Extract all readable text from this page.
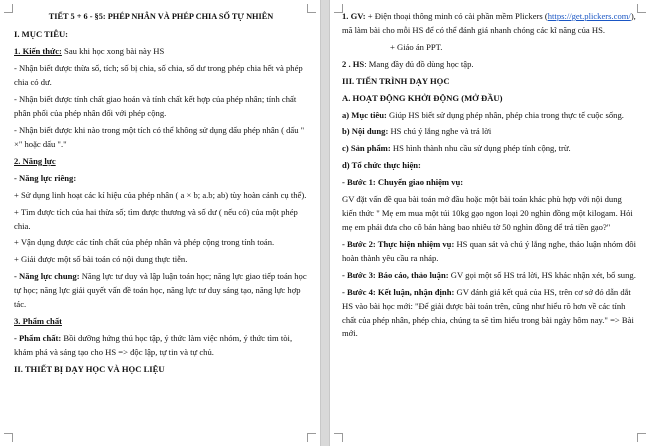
TIẾT 5 + 6 - §5: PHÉP NHÂN VÀ PHÉP CHIA SỐ TỰ NHIÊN

I. MỤC TIÊU:

1. Kiến thức: Sau khi học xong bài này HS

- Nhận biết được thừa số, tích; số bị chia, số chia, số dư trong phép chia hết và phép chia có dư.

- Nhận biết được tính chất giao hoán và tính chất kết hợp của phép nhân; tính chất phân phối của phép nhân đối với phép cộng.

- Nhận biết được khi nào trong một tích có thể không sử dụng dấu phép nhân ( dấu " ×" hoặc dấu "."

2. Năng lực

- Năng lực riêng:

+ Sử dụng linh hoạt các kí hiệu của phép nhân ( a × b; a.b; ab) tùy hoàn cảnh cụ thể).

+ Tìm được tích của hai thừa số; tìm được thương và số dư ( nếu có) của một phép chia.

+ Vận dụng được các tính chất của phép nhân và phép cộng trong tính toán.

+ Giải được một số bài toán có nội dung thực tiễn.

- Năng lực chung: Năng lực tư duy và lập luận toán học; năng lực giao tiếp toán học tự học; năng lực giải quyết vấn đề toán học, năng lực tư duy sáng tạo, năng lực hợp tác.

3. Phẩm chất

- Phẩm chất: Bồi dưỡng hứng thú học tập, ý thức làm việc nhóm, ý thức tìm tòi, khám phá và sáng tạo cho HS => độc lập, tự tin và tự chủ.

II. THIẾT BỊ DẠY HỌC VÀ HỌC LIỆU

1. GV: + Điện thoại thông minh có cài phần mềm Plickers (https://get.plickers.com/), mã làm bài cho mỗi HS để có thể đánh giá nhanh chóng các kĩ năng của HS.

+ Giáo án PPT.

2 . HS: Mang đầy đủ đồ dùng học tập.

III. TIẾN TRÌNH DẠY HỌC

A. HOẠT ĐỘNG KHỞI ĐỘNG (MỞ ĐẦU)

a) Mục tiêu: Giúp HS biết sử dụng phép nhân, phép chia trong thực tế cuộc sống.

b) Nội dung: HS chú ý lắng nghe và trả lời

c) Sản phẩm: HS hình thành nhu cầu sử dụng phép tính cộng, trừ.

d) Tổ chức thực hiện:

- Bước 1: Chuyển giao nhiệm vụ:

GV đặt vấn đề qua bài toán mở đầu hoặc một bài toán khác phù hợp với nội dung kiến thức " Mẹ em mua một túi 10kg gạo ngon loại 20 nghìn đồng một kilogam. Hỏi mẹ em phải đưa cho cô bán hàng bao nhiêu tờ 50 nghìn đồng để trả tiền gạo?"

- Bước 2: Thực hiện nhiệm vụ: HS quan sát và chú ý lắng nghe, thảo luận nhóm đôi hoàn thành yêu cầu ra nháp.

- Bước 3: Báo cáo, thảo luận: GV gọi một số HS trả lời, HS khác nhận xét, bổ sung.

- Bước 4: Kết luận, nhận định: GV đánh giá kết quả của HS, trên cơ sở đó dẫn dắt HS vào bài học mới: "Để giải được bài toán trên, cũng như hiểu rõ hơn về các tính chất của phép nhân, phép chia, chúng ta sẽ tìm hiểu trong bài ngày hôm nay." => Bài mới.
